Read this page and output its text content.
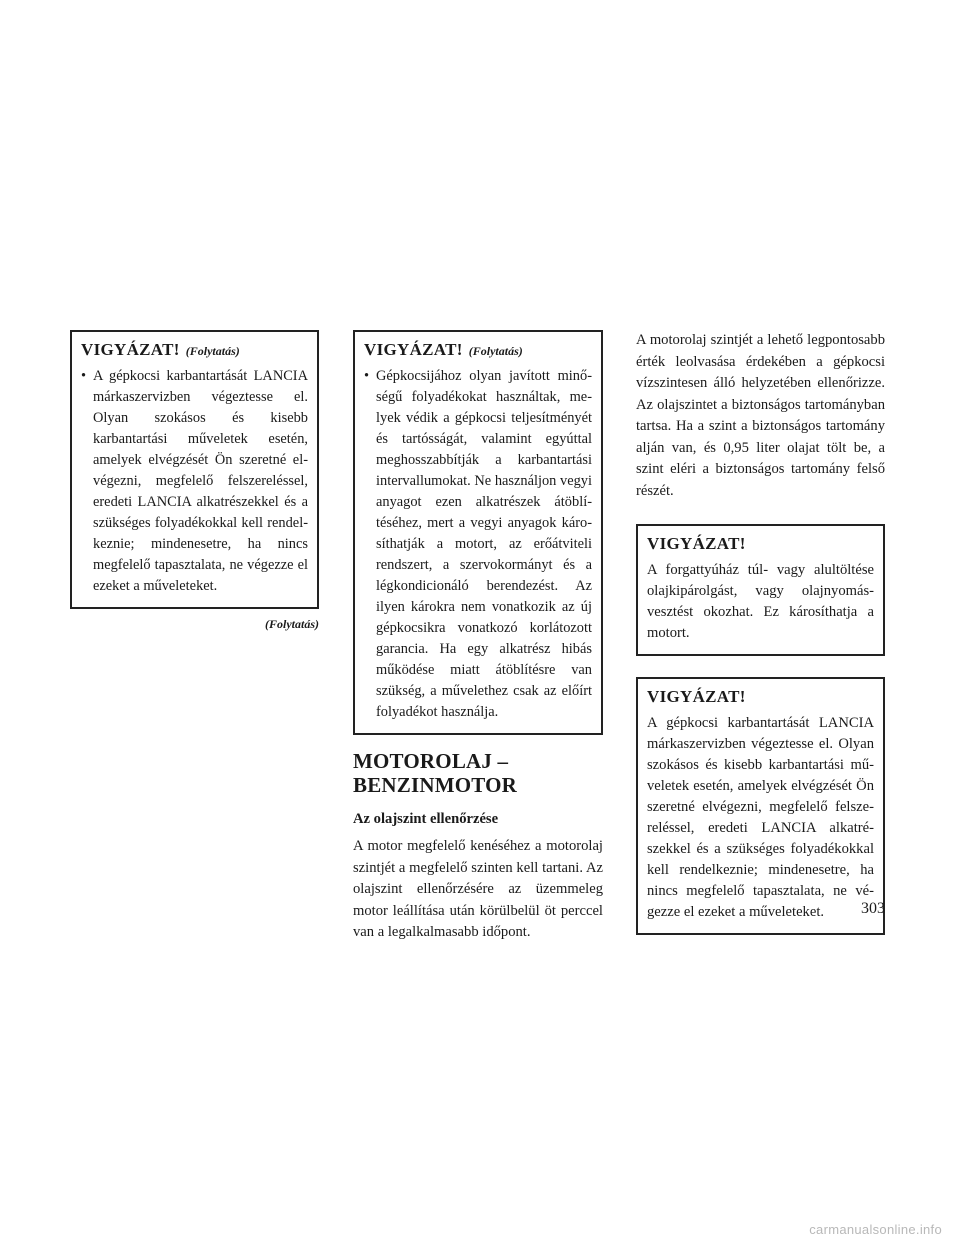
VIGYÁZAT! (Folytatás)
• A gépkocsi karbantartását LANCIA márkaszervizben végeztesse el. Olyan szokásos és kisebb karbantartási műveletek esetén, amelyek elvégzését Ön szeretné elvégezni, megfelelő felszereléssel, eredeti LANCIA alkatrészekkel és a szükséges folyadékokkal kell rendelkeznie; mindenesetre, ha nincs megfelelő tapasztalata, ne végezze el ezeket a műveleteket.
(Folytatás)
VIGYÁZAT! (Folytatás)
• Gépkocsijához olyan javított minőségű folyadékokat használtak, melyek védik a gépkocsi teljesítményét és tartósságát, valamint egyúttal meghosszabbítják a karbantartási intervallumokat. Ne használjon vegyi anyagot ezen alkatrészek átöblítéséhez, mert a vegyi anyagok károsíthatják a motort, az erőátviteli rendszert, a szervokormányt és a légkondicionáló berendezést. Az ilyen károkra nem vonatkozik az új gépkocsikra vonatkozó korlátozott garancia. Ha egy alkatrész hibás működése miatt átöblítésre van szükség, a művelethez csak az előírt folyadékot használja.
MOTOROLAJ – BENZINMOTOR
Az olajszint ellenőrzése

A motor megfelelő kenéséhez a motorolaj szintjét a megfelelő szinten kell tartani. Az olajszint ellenőrzésére az üzemmeleg motor leállítása után körülbelül öt perccel van a legalkalmasabb időpont.

A motorolaj szintjét a lehető legpontosabb érték leolvasása érdekében a gépkocsi vízszintesen álló helyzetében ellenőrizze. Az olajszintet a biztonságos tartományban tartsa. Ha a szint a biztonságos tartomány alján van, és 0,95 liter olajat tölt be, a szint eléri a biztonságos tartomány felső részét.

VIGYÁZAT!

A forgattyúház túl- vagy alultöltése olajkipárolgást, vagy olajnyomásvesztést okozhat. Ez károsíthatja a motort.

VIGYÁZAT!

A gépkocsi karbantartását LANCIA márkaszervizben végeztesse el. Olyan szokásos és kisebb karbantartási műveletek esetén, amelyek elvégzését Ön szeretné elvégezni, megfelelő felszereléssel, eredeti LANCIA alkatrészekkel és a szükséges folyadékokkal kell rendelkeznie; mindenesetre, ha nincs megfelelő tapasztalata, ne végezze el ezeket a műveleteket.	303
carmanualsonline.info
